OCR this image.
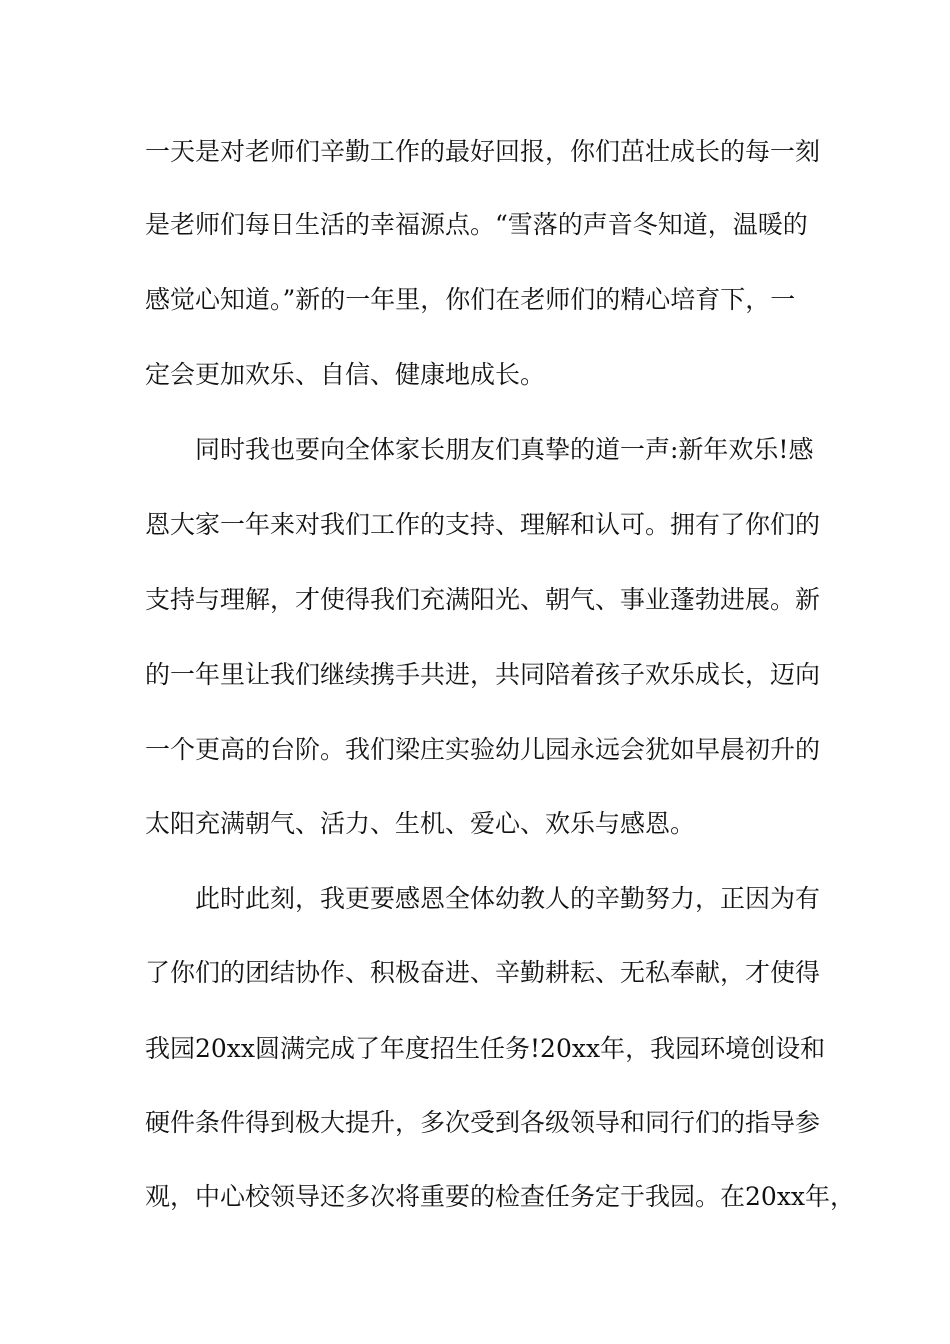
一天是对老师们辛勤工作的最好回报，你们茁壮成长的每一刻
是老师们每日生活的幸福源点。“雪落的声音冬知道，温暖的
感觉心知道。”新的一年里，你们在老师们的精心培育下，一
定会更加欢乐、自信、健康地成长。
同时我也要向全体家长朋友们真挚的道一声:新年欢乐!感
恩大家一年来对我们工作的支持、理解和认可。拥有了你们的
支持与理解，才使得我们充满阳光、朝气、事业蓬勃进展。新
的一年里让我们继续携手共进，共同陪着孩子欢乐成长，迈向
一个更高的台阶。我们梁庄实验幼儿园永远会犹如早晨初升的
太阳充满朝气、活力、生机、爱心、欢乐与感恩。
此时此刻，我更要感恩全体幼教人的辛勤努力，正因为有
了你们的团结协作、积极奋进、辛勤耕耘、无私奉献，才使得
我园20xx圆满完成了年度招生任务!20xx年，我园环境创设和
硬件条件得到极大提升，多次受到各级领导和同行们的指导参
观，中心校领导还多次将重要的检查任务定于我园。在20xx年，
